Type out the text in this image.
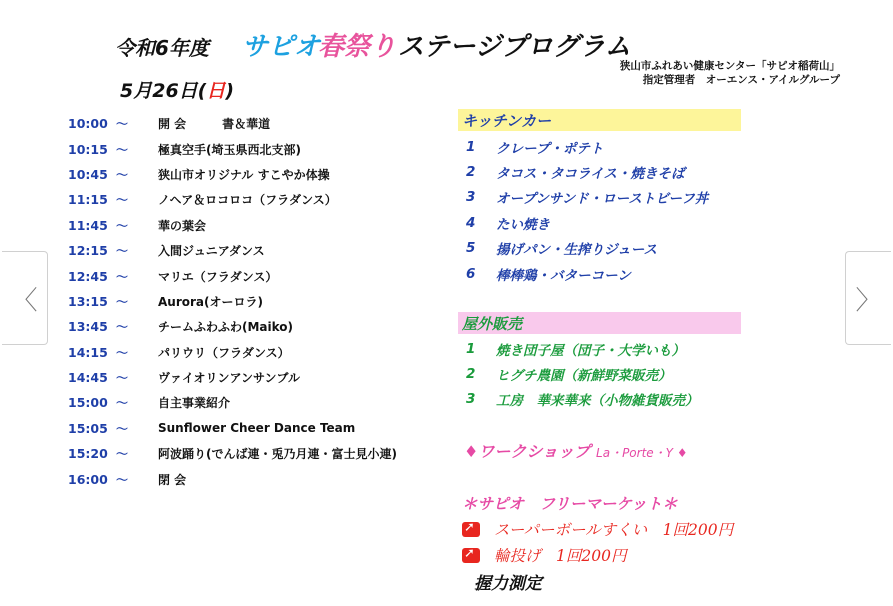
令和6年度 サピオ
春祭り ステージプログラム
狭山市ふれあい健康センター「サピオ稲荷山」
指定管理者　オーエンス・アイルグループ
5月26日(日)
10:00 ～	開 会　　　書＆華道
10:15 ～	極真空手(埼玉県西北支部)
10:45 ～	狭山市オリジナル すこやか体操
11:15 ～	ノヘア＆ロコロコ（フラダンス）
11:45 ～	華の葉会
12:15 ～	入間ジュニアダンス
12:45 ～	マリエ（フラダンス）
13:15 ～	Aurora(オーロラ)
13:45 ～	チームふわふわ(Maiko)
14:15 ～	パリウリ（フラダンス）
14:45 ～	ヴァイオリンアンサンブル
15:00 ～	自主事業紹介
15:05 ～	Sunflower Cheer Dance Team
15:20 ～	阿波踊り(でんば連・兎乃月連・富士見小連)
16:00 ～	閉 会
キッチンカー
1	クレープ・ポテト
2	タコス・タコライス・焼きそば
3	オープンサンド・ローストビーフ丼
4	たい焼き
5	揚げパン・生搾りジュース
6	棒棒鶏・バターコーン
屋外販売
1	焼き団子屋（団子・大学いも）
2	ヒグチ農園（新鮮野菜販売）
3	工房　華来華来（小物雑貨販売）
♦ワークショップ La・Porte・Y ♦
＊サピオ　フリーマーケット＊
➚
スーパーボールすくい　1回200円
➚
輪投げ　1回200円
握力測定
〈	〉
